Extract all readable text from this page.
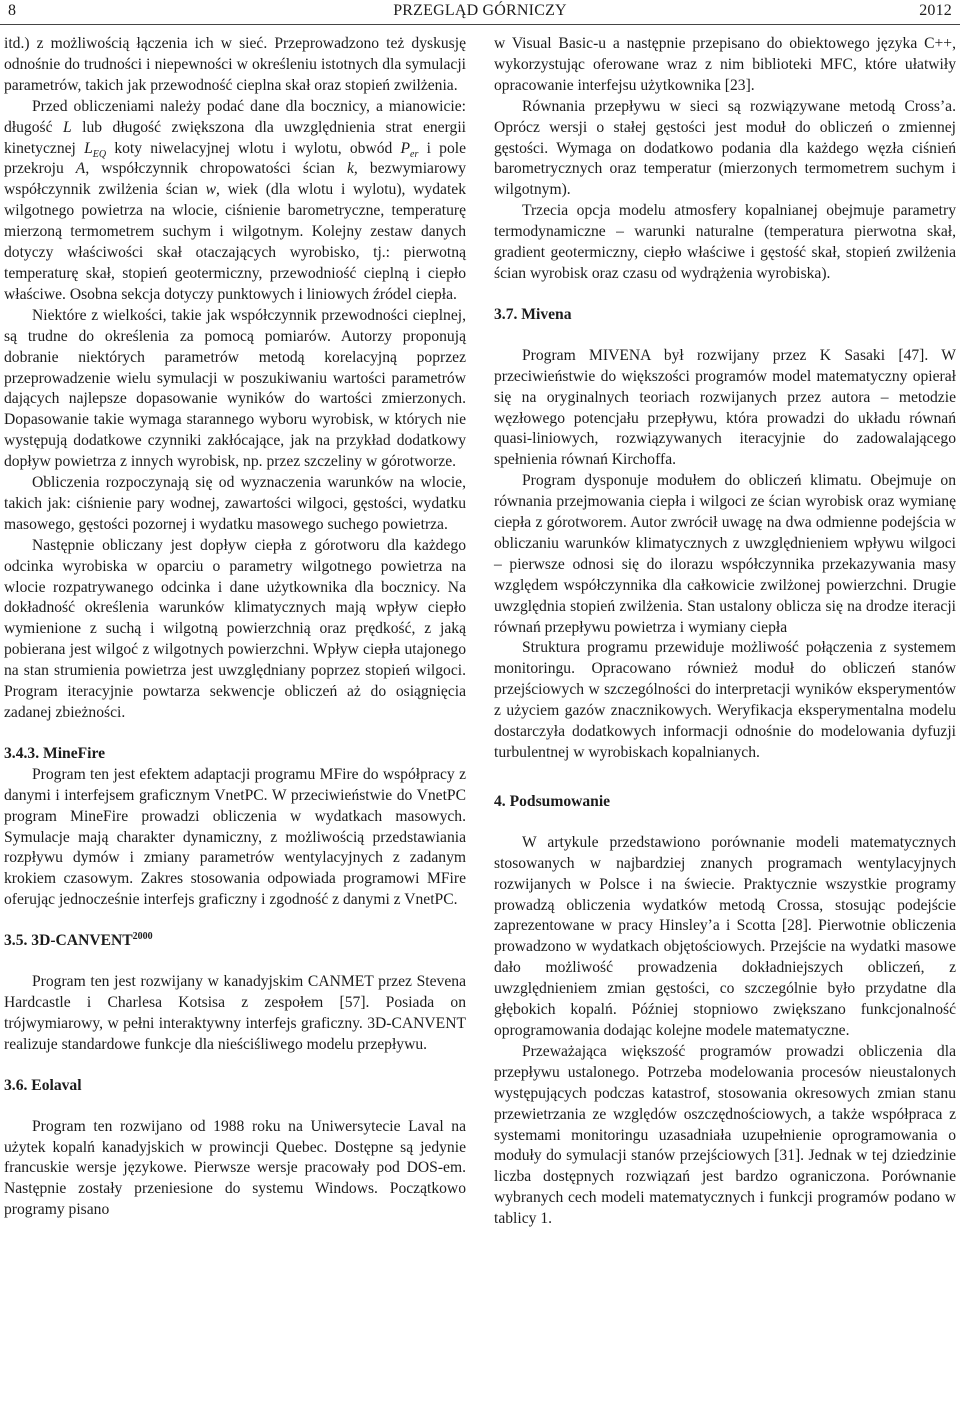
8	PRZEGLĄD GÓRNICZY	2012

itd.) z możliwością łączenia ich w sieć. Przeprowadzono też dyskusję odnośnie do trudności i niepewności w określeniu istotnych dla symulacji parametrów, takich jak przewodność cieplna skał oraz stopień zwilżenia.

Przed obliczeniami należy podać dane dla bocznicy, a mianowicie: długość L lub długość zwiększona dla uwzględnienia strat energii kinetycznej $L_{EQ}$ koty niwelacyjnej wlotu i wylotu, obwód $P_{er}$ i pole przekroju A, współczynnik chropowatości ścian k, bezwymiarowy współczynnik zwilżenia ścian w, wiek (dla wlotu i wylotu), wydatek wilgotnego powietrza na wlocie, ciśnienie barometryczne, temperaturę mierzoną termometrem suchym i wilgotnym. Kolejny zestaw danych dotyczy właściwości skał otaczających wyrobisko, tj.: pierwotną temperaturę skał, stopień geotermiczny, przewodniość cieplną i ciepło właściwe. Osobna sekcja dotyczy punktowych i liniowych źródel ciepła.

Niektóre z wielkości, takie jak współczynnik przewodności cieplnej, są trudne do określenia za pomocą pomiarów. Autorzy proponują dobranie niektórych parametrów metodą korelacyjną poprzez przeprowadzenie wielu symulacji w poszukiwaniu wartości parametrów dających najlepsze dopasowanie wyników do wartości zmierzonych. Dopasowanie takie wymaga starannego wyboru wyrobisk, w których nie występują dodatkowe czynniki zakłócające, jak na przykład dodatkowy dopływ powietrza z innych wyrobisk, np. przez szczeliny w górotworze.

Obliczenia rozpoczynają się od wyznaczenia warunków na wlocie, takich jak: ciśnienie pary wodnej, zawartości wilgoci, gęstości, wydatku masowego, gęstości pozornej i wydatku masowego suchego powietrza.

Następnie obliczany jest dopływ ciepła z górotworu dla każdego odcinka wyrobiska w oparciu o parametry wilgotnego powietrza na wlocie rozpatrywanego odcinka i dane użytkownika dla bocznicy. Na dokładność określenia warunków klimatycznych mają wpływ ciepło wymienione z suchą i wilgotną powierzchnią oraz prędkość, z jaką pobierana jest wilgoć z wilgotnych powierzchni. Wpływ ciepła utajonego na stan strumienia powietrza jest uwzględniany poprzez stopień wilgoci. Program iteracyjnie powtarza sekwencje obliczeń aż do osiągnięcia zadanej zbieżności.

3.4.3. MineFire

Program ten jest efektem adaptacji programu MFire do współpracy z danymi i interfejsem graficznym VnetPC. W przeciwieństwie do VnetPC program MineFire prowadzi obliczenia w wydatkach masowych. Symulacje mają charakter dynamiczny, z możliwością przedstawiania rozpływu dymów i zmiany parametrów wentylacyjnych z zadanym krokiem czasowym. Zakres stosowania odpowiada programowi MFire oferując jednocześnie interfejs graficzny i zgodność z danymi z VnetPC.

3.5. $3D-CANVENT^{2000}$

Program ten jest rozwijany w kanadyjskim CANMET przez Stevena Hardcastle i Charlesa Kotsisa z zespołem [57]. Posiada on trójwymiarowy, w pełni interaktywny interfejs graficzny. 3D-CANVENT realizuje standardowe funkcje dla nieściśliwego modelu przepływu.

3.6. Eolaval

Program ten rozwijano od 1988 roku na Uniwersytecie Laval na użytek kopalń kanadyjskich w prowincji Quebec. Dostępne są jedynie francuskie wersje językowe. Pierwsze wersje pracowały pod DOS-em. Następnie zostały przeniesione do systemu Windows. Początkowo programy pisano

w Visual Basic-u a następnie przepisano do obiektowego języka C++, wykorzystując oferowane wraz z nim biblioteki MFC, które ułatwiły opracowanie interfejsu użytkownika [23].

Równania przepływu w sieci są rozwiązywane metodą Cross’a. Oprócz wersji o stałej gęstości jest moduł do obliczeń o zmiennej gęstości. Wymaga on dodatkowo podania dla każdego węzła ciśnień barometrycznych oraz temperatur (mierzonych termometrem suchym i wilgotnym).

Trzecia opcja modelu atmosfery kopalnianej obejmuje parametry termodynamiczne – warunki naturalne (temperatura pierwotna skał, gradient geotermiczny, ciepło właściwe i gęstość skał, stopień zwilżenia ścian wyrobisk oraz czasu od wydrążenia wyrobiska).

3.7. Mivena

Program MIVENA był rozwijany przez K Sasaki [47]. W przeciwieństwie do większości programów model matematyczny opierał się na oryginalnych teoriach rozwijanych przez autora – metodzie węzłowego potencjału przepływu, która prowadzi do układu równań quasi-liniowych, rozwiązywanych iteracyjnie do zadowalającego spełnienia równań Kirchoffa.

Program dysponuje modułem do obliczeń klimatu. Obejmuje on równania przejmowania ciepła i wilgoci ze ścian wyrobisk oraz wymianę ciepła z górotworem. Autor zwrócił uwagę na dwa odmienne podejścia w obliczaniu warunków klimatycznych z uwzględnieniem wpływu wilgoci – pierwsze odnosi się do ilorazu współczynnika przekazywania masy względem współczynnika dla całkowicie zwilżonej powierzchni. Drugie uwzględnia stopień zwilżenia. Stan ustalony oblicza się na drodze iteracji równań przepływu powietrza i wymiany ciepła

Struktura programu przewiduje możliwość połączenia z systemem monitoringu. Opracowano również moduł do obliczeń stanów przejściowych w szczególności do interpretacji wyników eksperymentów z użyciem gazów znacznikowych. Weryfikacja eksperymentalna modelu dostarczyła dodatkowych informacji odnośnie do modelowania dyfuzji turbulentnej w wyrobiskach kopalnianych.

4. Podsumowanie

W artykule przedstawiono porównanie modeli matematycznych stosowanych w najbardziej znanych programach wentylacyjnych rozwijanych w Polsce i na świecie. Praktycznie wszystkie programy prowadzą obliczenia wydatków metodą Crossa, stosując podejście zaprezentowane w pracy Hinsley’a i Scotta [28]. Pierwotnie obliczenia prowadzono w wydatkach objętościowych. Przejście na wydatki masowe dało możliwość prowadzenia dokładniejszych obliczeń, z uwzględnieniem zmian gęstości, co szczególnie było przydatne dla głębokich kopalń. Później stopniowo zwiększano funkcjonalność oprogramowania dodając kolejne modele matematyczne.

Przeważająca większość programów prowadzi obliczenia dla przepływu ustalonego. Potrzeba modelowania procesów nieustalonych występujących podczas katastrof, stosowania okresowych zmian stanu przewietrzania ze względów oszczędnościowych, a także współpraca z systemami monitoringu uzasadniała uzupełnienie oprogramowania o moduły do symulacji stanów przejściowych [31]. Jednak w tej dziedzinie liczba dostępnych rozwiązań jest bardzo ograniczona. Porównanie wybranych cech modeli matematycznych i funkcji programów podano w tablicy 1.
